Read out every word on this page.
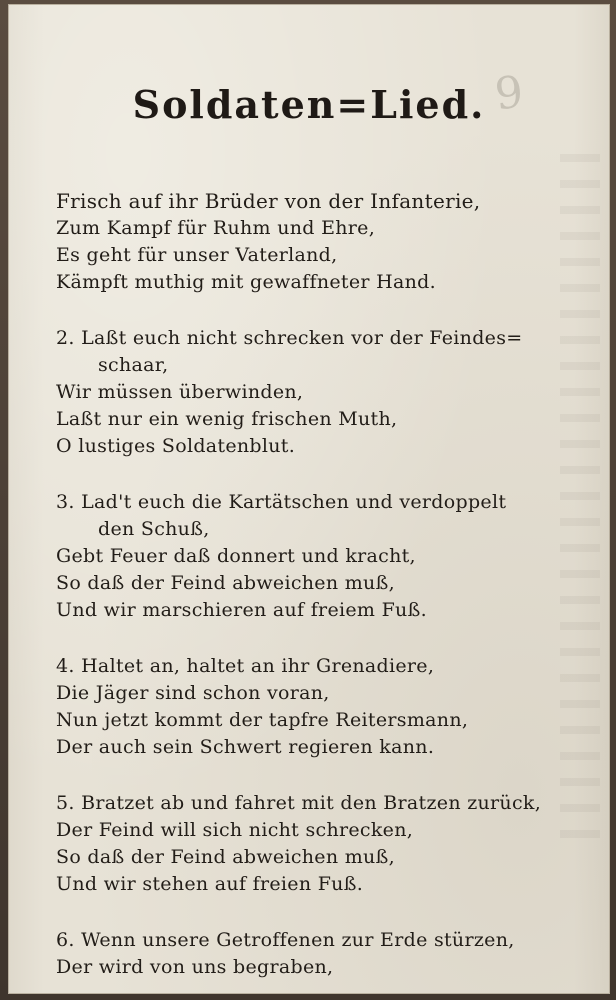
9
Soldaten=Lied.
Frisch auf ihr Brüder von der Infanterie,
Zum Kampf für Ruhm und Ehre,
Es geht für unser Vaterland,
Kämpft muthig mit gewaffneter Hand.
2. Laßt euch nicht schrecken vor der Feindes=
schaar,
Wir müssen überwinden,
Laßt nur ein wenig frischen Muth,
O lustiges Soldatenblut.
3. Lad't euch die Kartätschen und verdoppelt
den Schuß,
Gebt Feuer daß donnert und kracht,
So daß der Feind abweichen muß,
Und wir marschieren auf freiem Fuß.
4. Haltet an, haltet an ihr Grenadiere,
Die Jäger sind schon voran,
Nun jetzt kommt der tapfre Reitersmann,
Der auch sein Schwert regieren kann.
5. Bratzet ab und fahret mit den Bratzen zurück,
Der Feind will sich nicht schrecken,
So daß der Feind abweichen muß,
Und wir stehen auf freien Fuß.
6. Wenn unsere Getroffenen zur Erde stürzen,
Der wird von uns begraben,
